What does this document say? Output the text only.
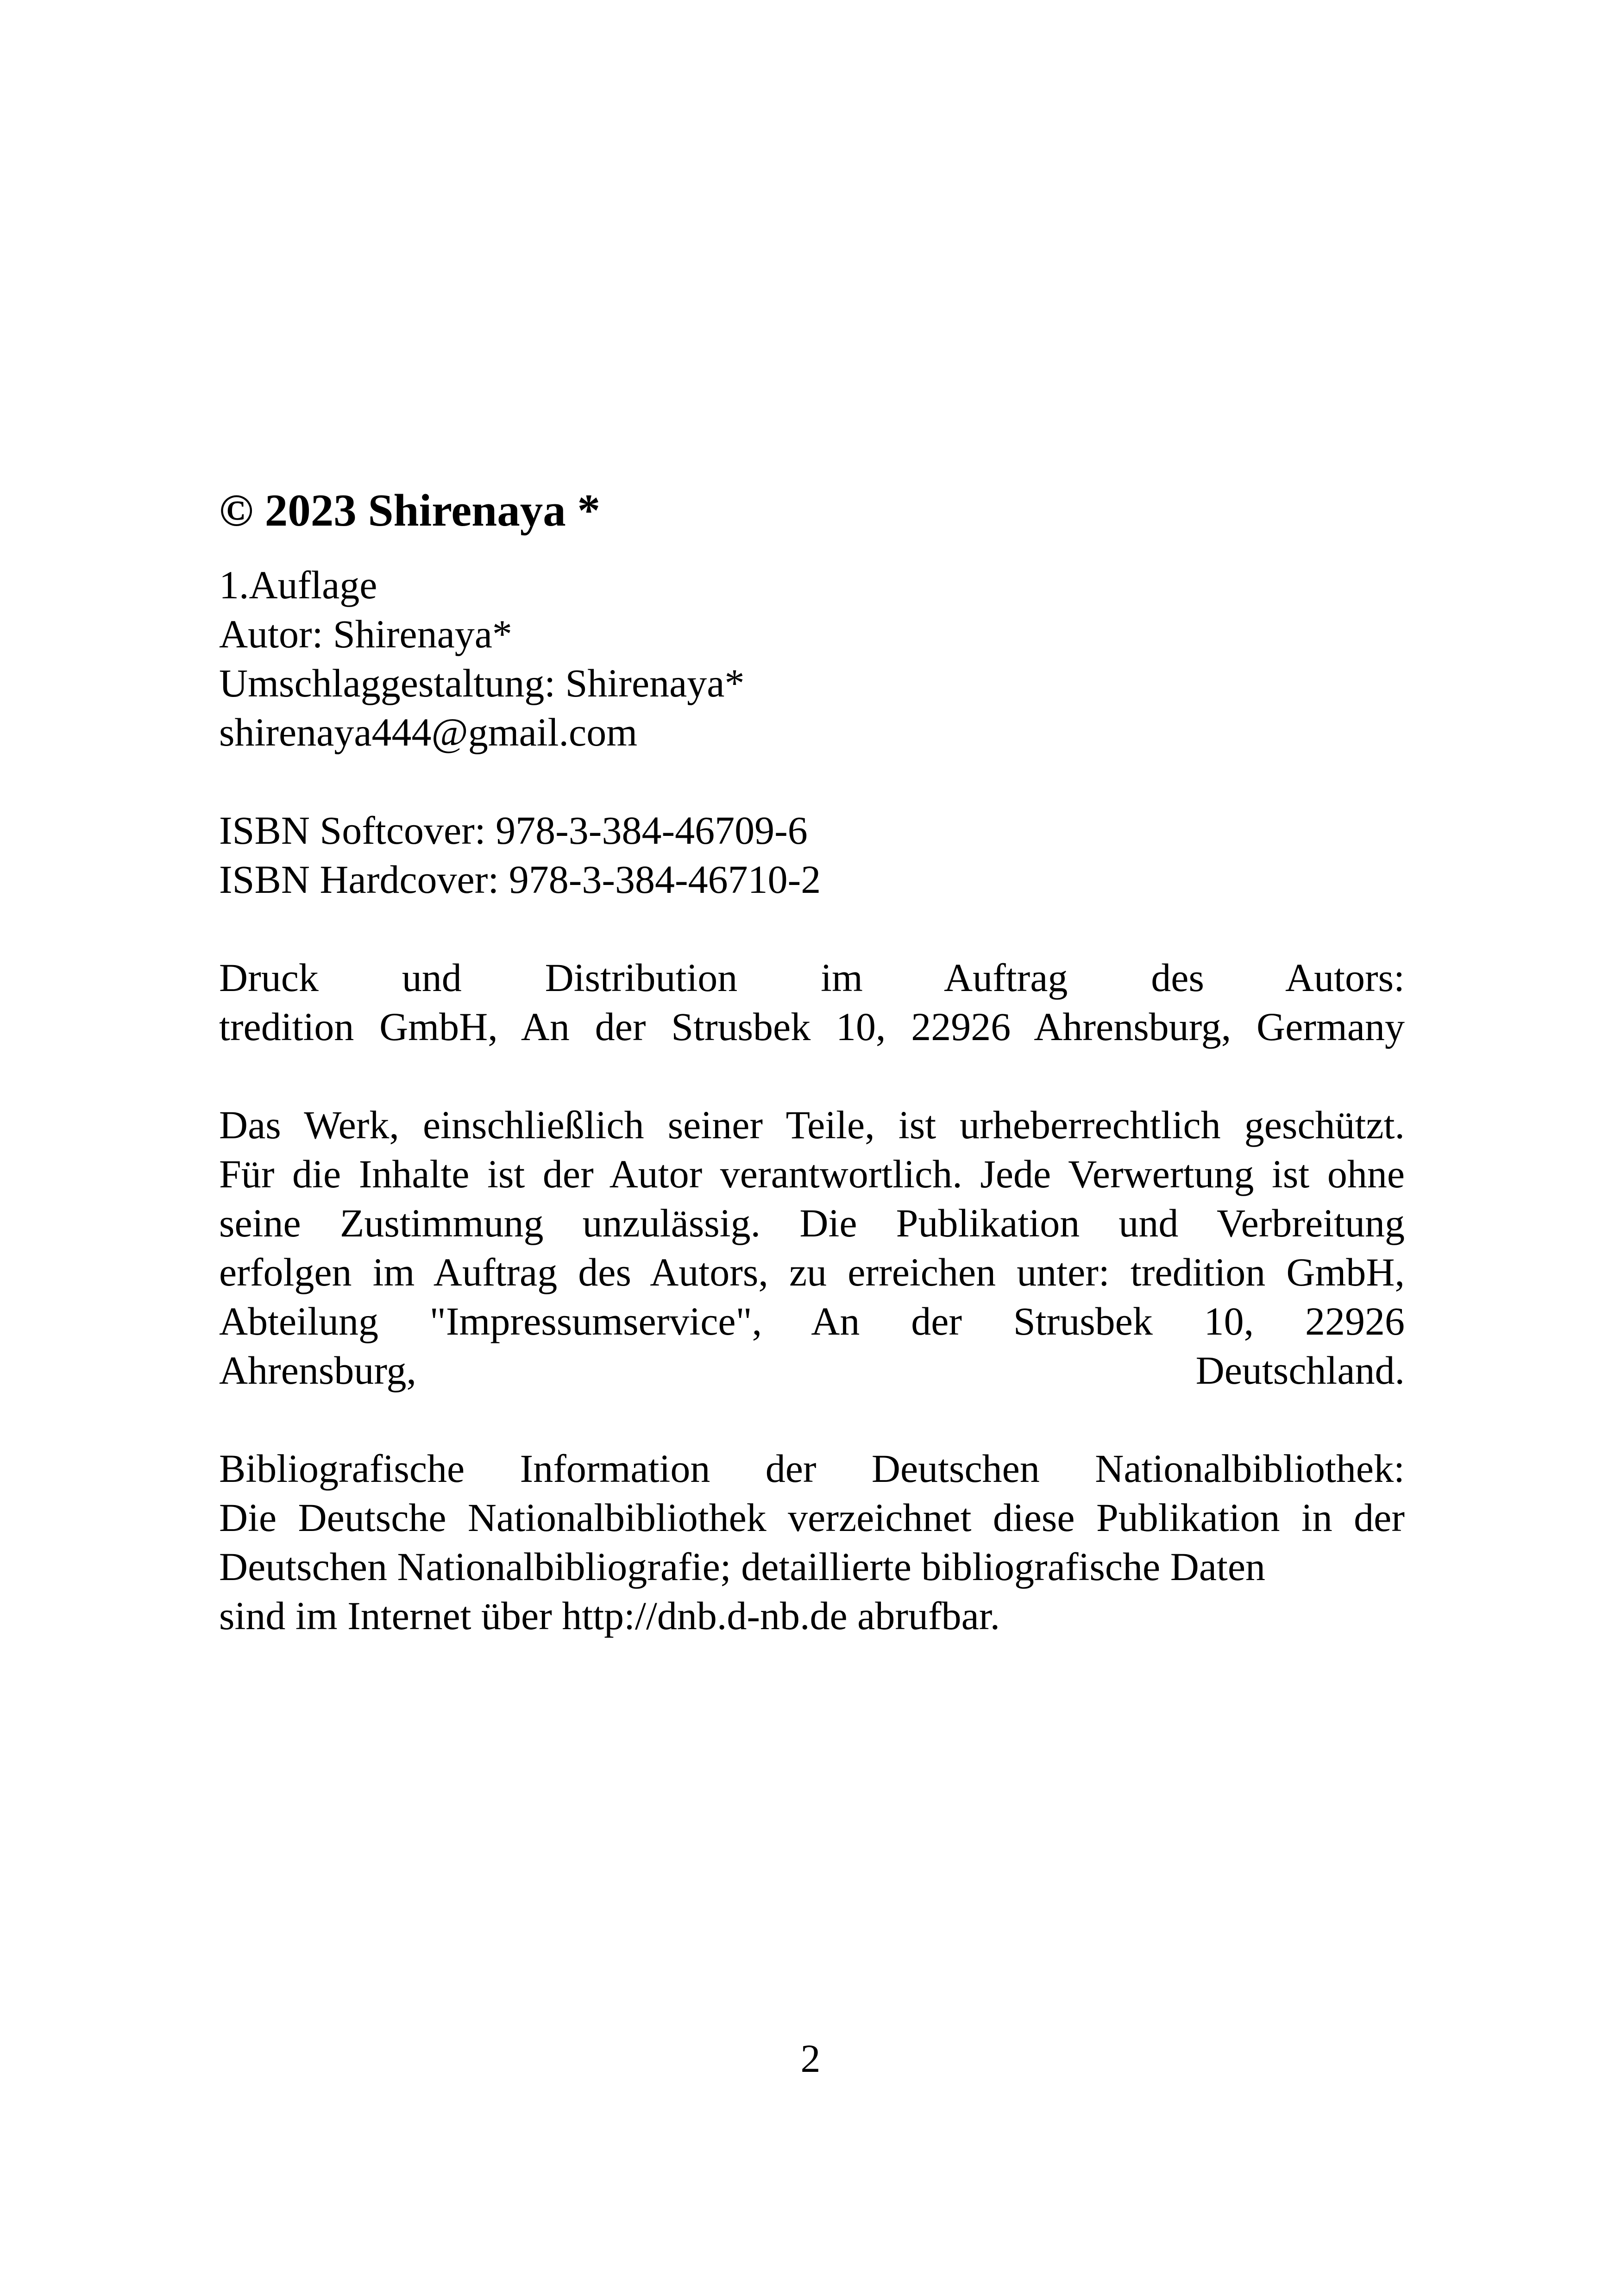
© 2023 Shirenaya *
1.Auflage
Autor: Shirenaya*
Umschlaggestaltung: Shirenaya*
shirenaya444@gmail.com
ISBN Softcover: 978-3-384-46709-6
ISBN Hardcover: 978-3-384-46710-2
Druck und Distribution im Auftrag des Autors:
tredition GmbH, An der Strusbek 10, 22926 Ahrensburg, Germany
Das Werk, einschließlich seiner Teile, ist urheberrechtlich geschützt.
Für die Inhalte ist der Autor verantwortlich. Jede Verwertung ist ohne
seine Zustimmung unzulässig. Die Publikation und Verbreitung
erfolgen im Auftrag des Autors, zu erreichen unter: tredition GmbH,
Abteilung "Impressumservice", An der Strusbek 10, 22926
Ahrensburg, Deutschland.
Bibliografische Information der Deutschen Nationalbibliothek:
Die Deutsche Nationalbibliothek verzeichnet diese Publikation in der
Deutschen Nationalbibliografie; detaillierte bibliografische Daten
sind im Internet über http://dnb.d-nb.de abrufbar.
2
